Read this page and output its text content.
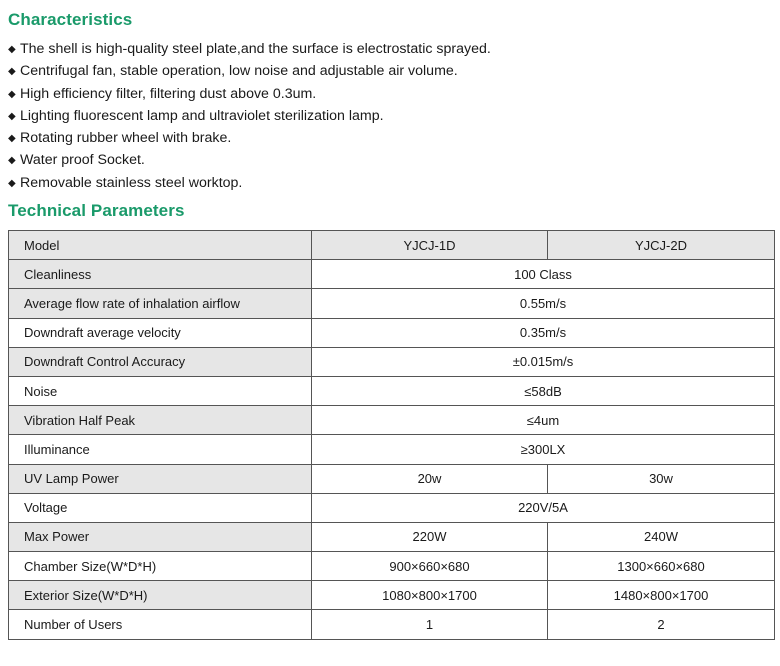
Characteristics
◆ The shell is high-quality steel plate,and the surface is electrostatic sprayed.
◆ Centrifugal fan, stable operation, low noise and adjustable air volume.
◆ High efficiency filter, filtering dust above 0.3um.
◆ Lighting fluorescent lamp and ultraviolet sterilization lamp.
◆ Rotating rubber wheel with brake.
◆ Water proof Socket.
◆ Removable stainless steel worktop.
Technical Parameters
Model	YJCJ-1D	YJCJ-2D
Cleanliness	100 Class	
Average flow rate of inhalation airflow	0.55m/s	
Downdraft average velocity	0.35m/s	
Downdraft Control Accuracy	±0.015m/s	
Noise	≤58dB	
Vibration Half Peak	≤4um	
Illuminance	≥300LX	
UV Lamp Power	20w	30w
Voltage	220V/5A	
Max Power	220W	240W
Chamber Size(W*D*H)	900×660×680	1300×660×680
Exterior Size(W*D*H)	1080×800×1700	1480×800×1700
Number of Users	1	2
